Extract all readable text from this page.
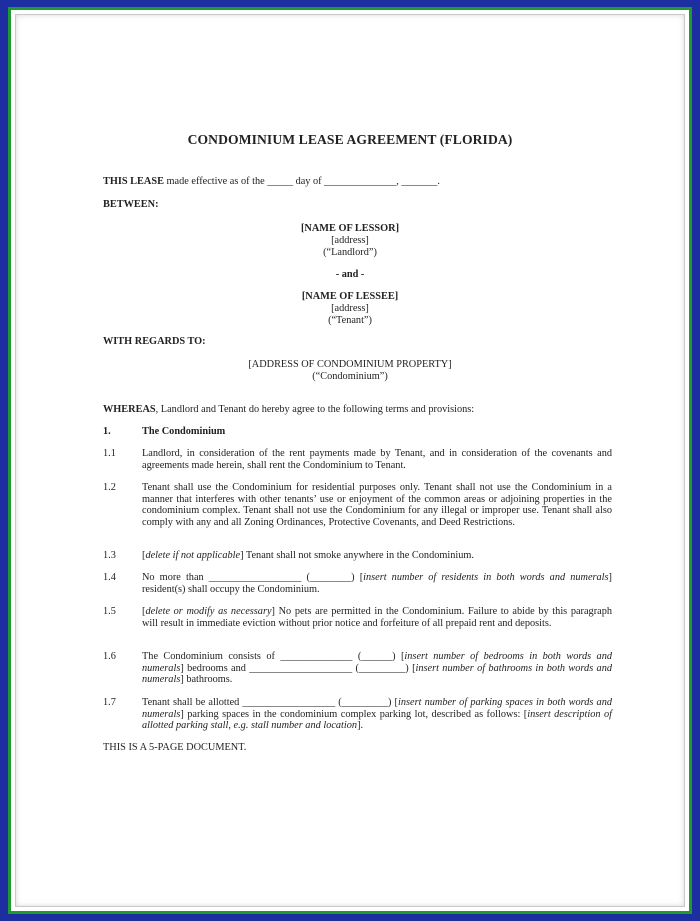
CONDOMINIUM LEASE AGREEMENT (FLORIDA)
THIS LEASE made effective as of the _____ day of ______________, _______.
BETWEEN:
[NAME OF LESSOR]
[address]
(“Landlord”)
- and -
[NAME OF LESSEE]
[address]
(“Tenant”)
WITH REGARDS TO:
[ADDRESS OF CONDOMINIUM PROPERTY]
(“Condominium”)
WHEREAS, Landlord and Tenant do hereby agree to the following terms and provisions:
1.	The Condominium
1.1	Landlord, in consideration of the rent payments made by Tenant, and in consideration of the covenants and agreements made herein, shall rent the Condominium to Tenant.
1.2	Tenant shall use the Condominium for residential purposes only. Tenant shall not use the Condominium in a manner that interferes with other tenants’ use or enjoyment of the common areas or adjoining properties in the condominium complex. Tenant shall not use the Condominium for any illegal or improper use. Tenant shall also comply with any and all Zoning Ordinances, Protective Covenants, and Deed Restrictions.
1.3	[delete if not applicable] Tenant shall not smoke anywhere in the Condominium.
1.4	No more than __________________ (________) [insert number of residents in both words and numerals] resident(s) shall occupy the Condominium.
1.5	[delete or modify as necessary] No pets are permitted in the Condominium. Failure to abide by this paragraph will result in immediate eviction without prior notice and forfeiture of all prepaid rent and deposits.
1.6	The Condominium consists of ______________ (______) [insert number of bedrooms in both words and numerals] bedrooms and ____________________ (_________) [insert number of bathrooms in both words and numerals] bathrooms.
1.7	Tenant shall be allotted __________________ (_________) [insert number of parking spaces in both words and numerals] parking spaces in the condominium complex parking lot, described as follows: [insert description of allotted parking stall, e.g. stall number and location].
THIS IS A 5-PAGE DOCUMENT.
